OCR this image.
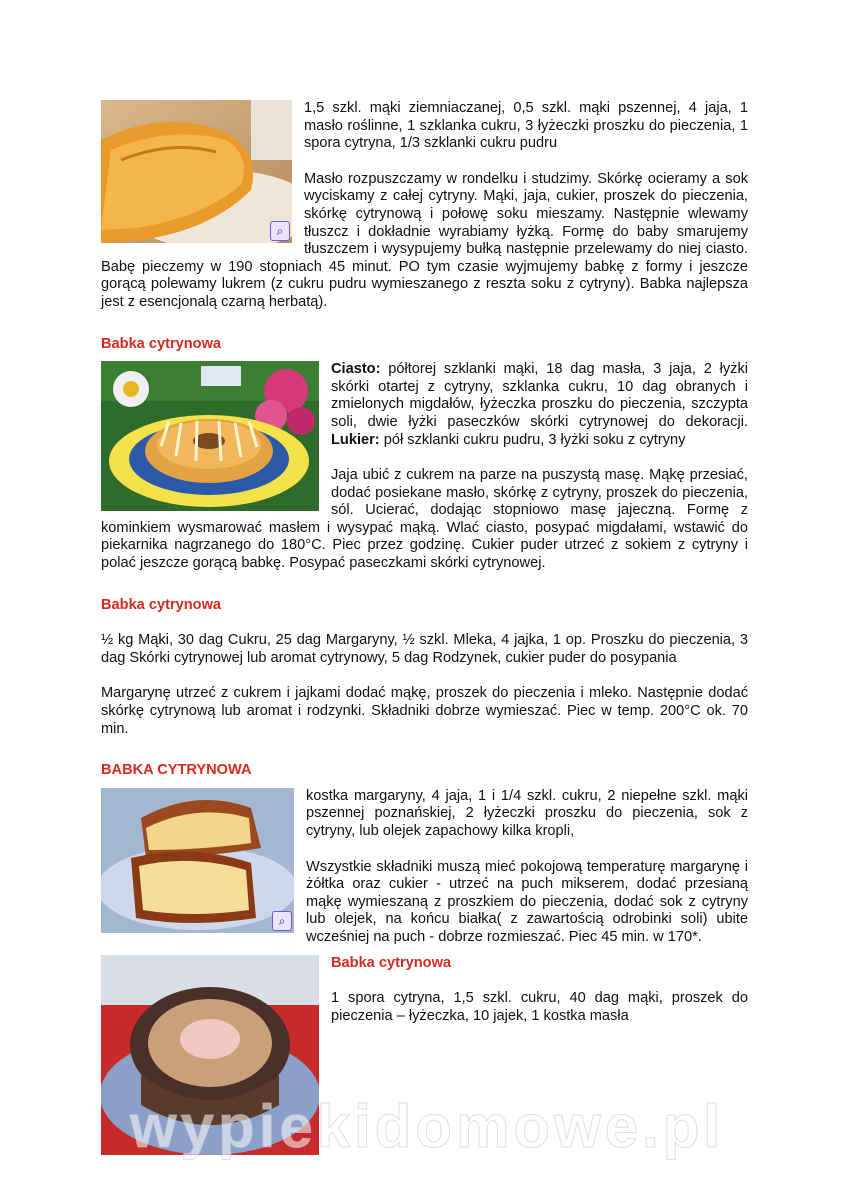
⌕

1,5 szkl. mąki ziemniaczanej, 0,5 szkl. mąki pszennej, 4 jaja, 1 masło roślinne, 1 szklanka cukru, 3 łyżeczki proszku do pieczenia, 1 spora cytryna, 1/3 szklanki cukru pudru

Masło rozpuszczamy w rondelku i studzimy. Skórkę ocieramy a sok wyciskamy z całej cytryny. Mąki, jaja, cukier, proszek do pieczenia, skórkę cytrynową i połowę soku mieszamy. Następnie wlewamy tłuszcz i dokładnie wyrabiamy łyżką. Formę do baby smarujemy tłuszczem i wysypujemy bułką następnie przelewamy do niej ciasto. Babę pieczemy w 190 stopniach 45 minut. PO tym czasie wyjmujemy babkę z formy i jeszcze gorącą polewamy lukrem (z cukru pudru wymieszanego z reszta soku z cytryny). Babka najlepsza jest z esencjonalą czarną herbatą).

Babka cytrynowa

Ciasto: półtorej szklanki mąki, 18 dag masła, 3 jaja, 2 łyżki skórki otartej z cytryny, szklanka cukru, 10 dag obranych i zmielonych migdałów, łyżeczka proszku do pieczenia, szczypta soli, dwie łyżki paseczków skórki cytrynowej do dekoracji. Lukier: pół szklanki cukru pudru, 3 łyżki soku z cytryny

Jaja ubić z cukrem na parze na puszystą masę. Mąkę przesiać, dodać posiekane masło, skórkę z cytryny, proszek do pieczenia, sól. Ucierać, dodając stopniowo masę jajeczną. Formę z kominkiem wysmarować masłem i wysypać mąką. Wlać ciasto, posypać migdałami, wstawić do piekarnika nagrzanego do 180°C. Piec przez godzinę. Cukier puder utrzeć z sokiem z cytryny i polać jeszcze gorącą babkę. Posypać paseczkami skórki cytrynowej.

Babka cytrynowa

½ kg Mąki, 30 dag Cukru, 25 dag Margaryny, ½ szkl. Mleka, 4 jajka, 1 op. Proszku do pieczenia, 3 dag Skórki cytrynowej lub aromat cytrynowy, 5 dag Rodzynek, cukier puder do posypania

Margarynę utrzeć z cukrem i jajkami dodać mąkę, proszek do pieczenia i mleko. Następnie dodać skórkę cytrynową lub aromat i rodzynki. Składniki dobrze wymieszać. Piec w temp. 200°C ok. 70 min.

BABKA CYTRYNOWA

⌕

kostka margaryny, 4 jaja, 1 i 1/4 szkl. cukru, 2 niepełne szkl. mąki pszennej poznańskiej, 2 łyżeczki proszku do pieczenia, sok z cytryny, lub olejek zapachowy kilka kropli,

Wszystkie składniki muszą mieć pokojową temperaturę margarynę i żółtka oraz cukier - utrzeć na puch mikserem, dodać przesianą mąkę wymieszaną z proszkiem do pieczenia, dodać sok z cytryny lub olejek, na końcu białka( z zawartością odrobinki soli) ubite wcześniej na puch - dobrze rozmieszać. Piec 45 min. w 170*.

Babka cytrynowa

1 spora cytryna, 1,5 szkl. cukru, 40 dag mąki, proszek do pieczenia – łyżeczka, 10 jajek, 1 kostka masła

wypiekidomowe.pl
